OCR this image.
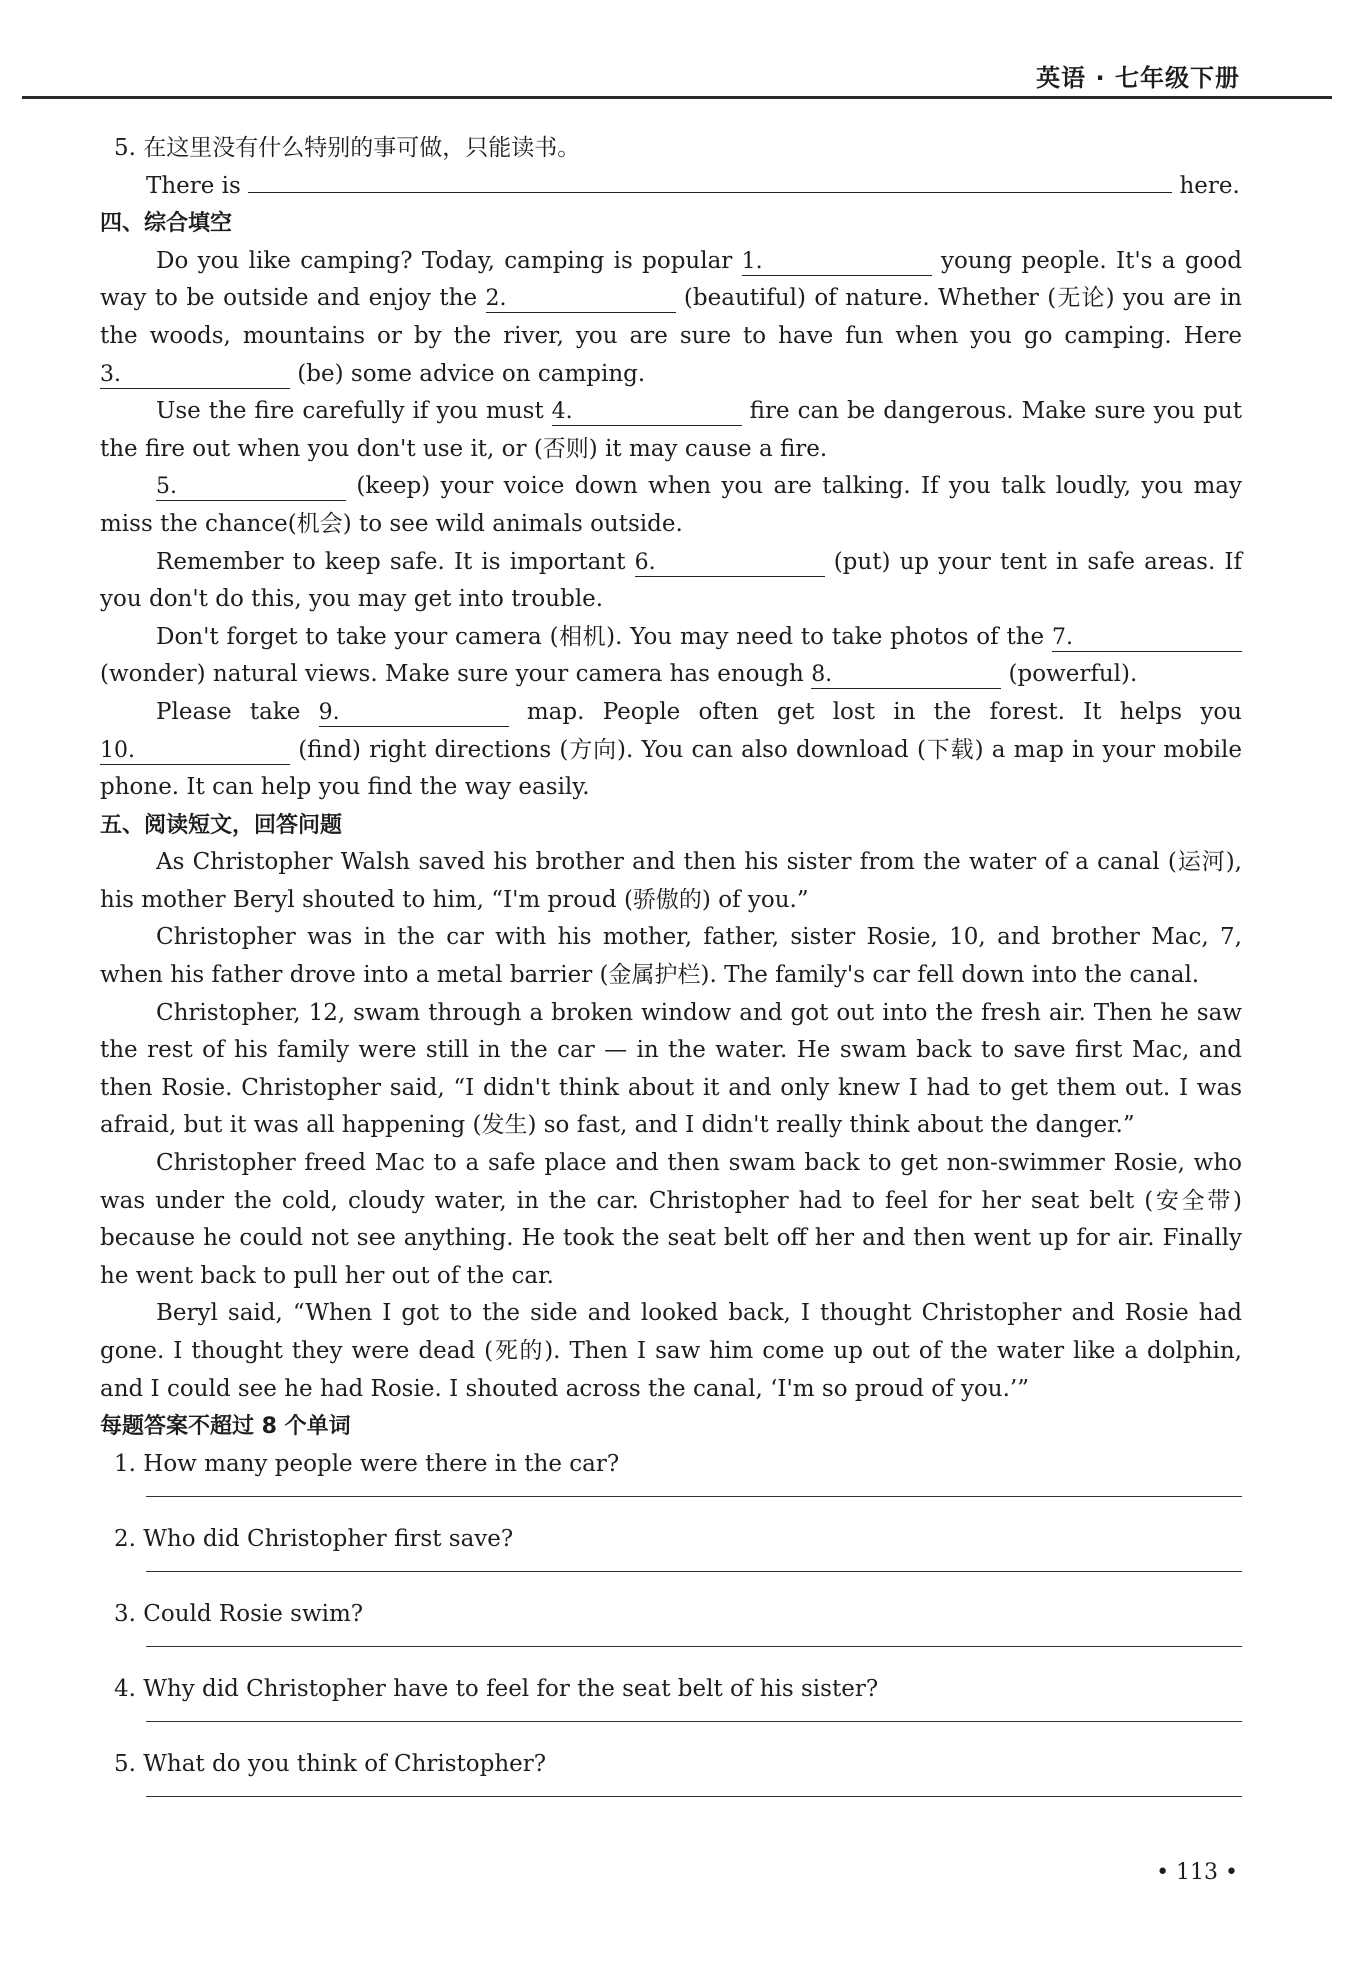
英语 · 七年级下册
5. 在这里没有什么特别的事可做，只能读书。
There is	here.
四、综合填空
Do you like camping? Today, camping is popular 1.	young people. It's a good way to be outside and enjoy the 2.	(beautiful) of nature. Whether (无论) you are in the woods, mountains or by the river, you are sure to have fun when you go camping. Here 3.	(be) some advice on camping.
Use the fire carefully if you must 4.	fire can be dangerous. Make sure you put the fire out when you don't use it, or (否则) it may cause a fire.
5.	(keep) your voice down when you are talking. If you talk loudly, you may miss the chance(机会) to see wild animals outside.
Remember to keep safe. It is important 6.	(put) up your tent in safe areas. If you don't do this, you may get into trouble.
Don't forget to take your camera (相机). You may need to take photos of the 7. (wonder) natural views. Make sure your camera has enough 8.	(powerful).
Please take 9.	map. People often get lost in the forest. It helps you 10.	(find) right directions (方向). You can also download (下载) a map in your mobile phone. It can help you find the way easily.
五、阅读短文，回答问题
As Christopher Walsh saved his brother and then his sister from the water of a canal (运河), his mother Beryl shouted to him, “I'm proud (骄傲的) of you.”
Christopher was in the car with his mother, father, sister Rosie, 10, and brother Mac, 7, when his father drove into a metal barrier (金属护栏). The family's car fell down into the canal.
Christopher, 12, swam through a broken window and got out into the fresh air. Then he saw the rest of his family were still in the car — in the water. He swam back to save first Mac, and then Rosie. Christopher said, “I didn't think about it and only knew I had to get them out. I was afraid, but it was all happening (发生) so fast, and I didn't really think about the danger.”
Christopher freed Mac to a safe place and then swam back to get non-swimmer Rosie, who was under the cold, cloudy water, in the car. Christopher had to feel for her seat belt (安全带) because he could not see anything. He took the seat belt off her and then went up for air. Finally he went back to pull her out of the car.
Beryl said, “When I got to the side and looked back, I thought Christopher and Rosie had gone. I thought they were dead (死的). Then I saw him come up out of the water like a dolphin, and I could see he had Rosie. I shouted across the canal, ‘I'm so proud of you.’”
每题答案不超过 8 个单词
1. How many people were there in the car?
2. Who did Christopher first save?
3. Could Rosie swim?
4. Why did Christopher have to feel for the seat belt of his sister?
5. What do you think of Christopher?
• 113 •
